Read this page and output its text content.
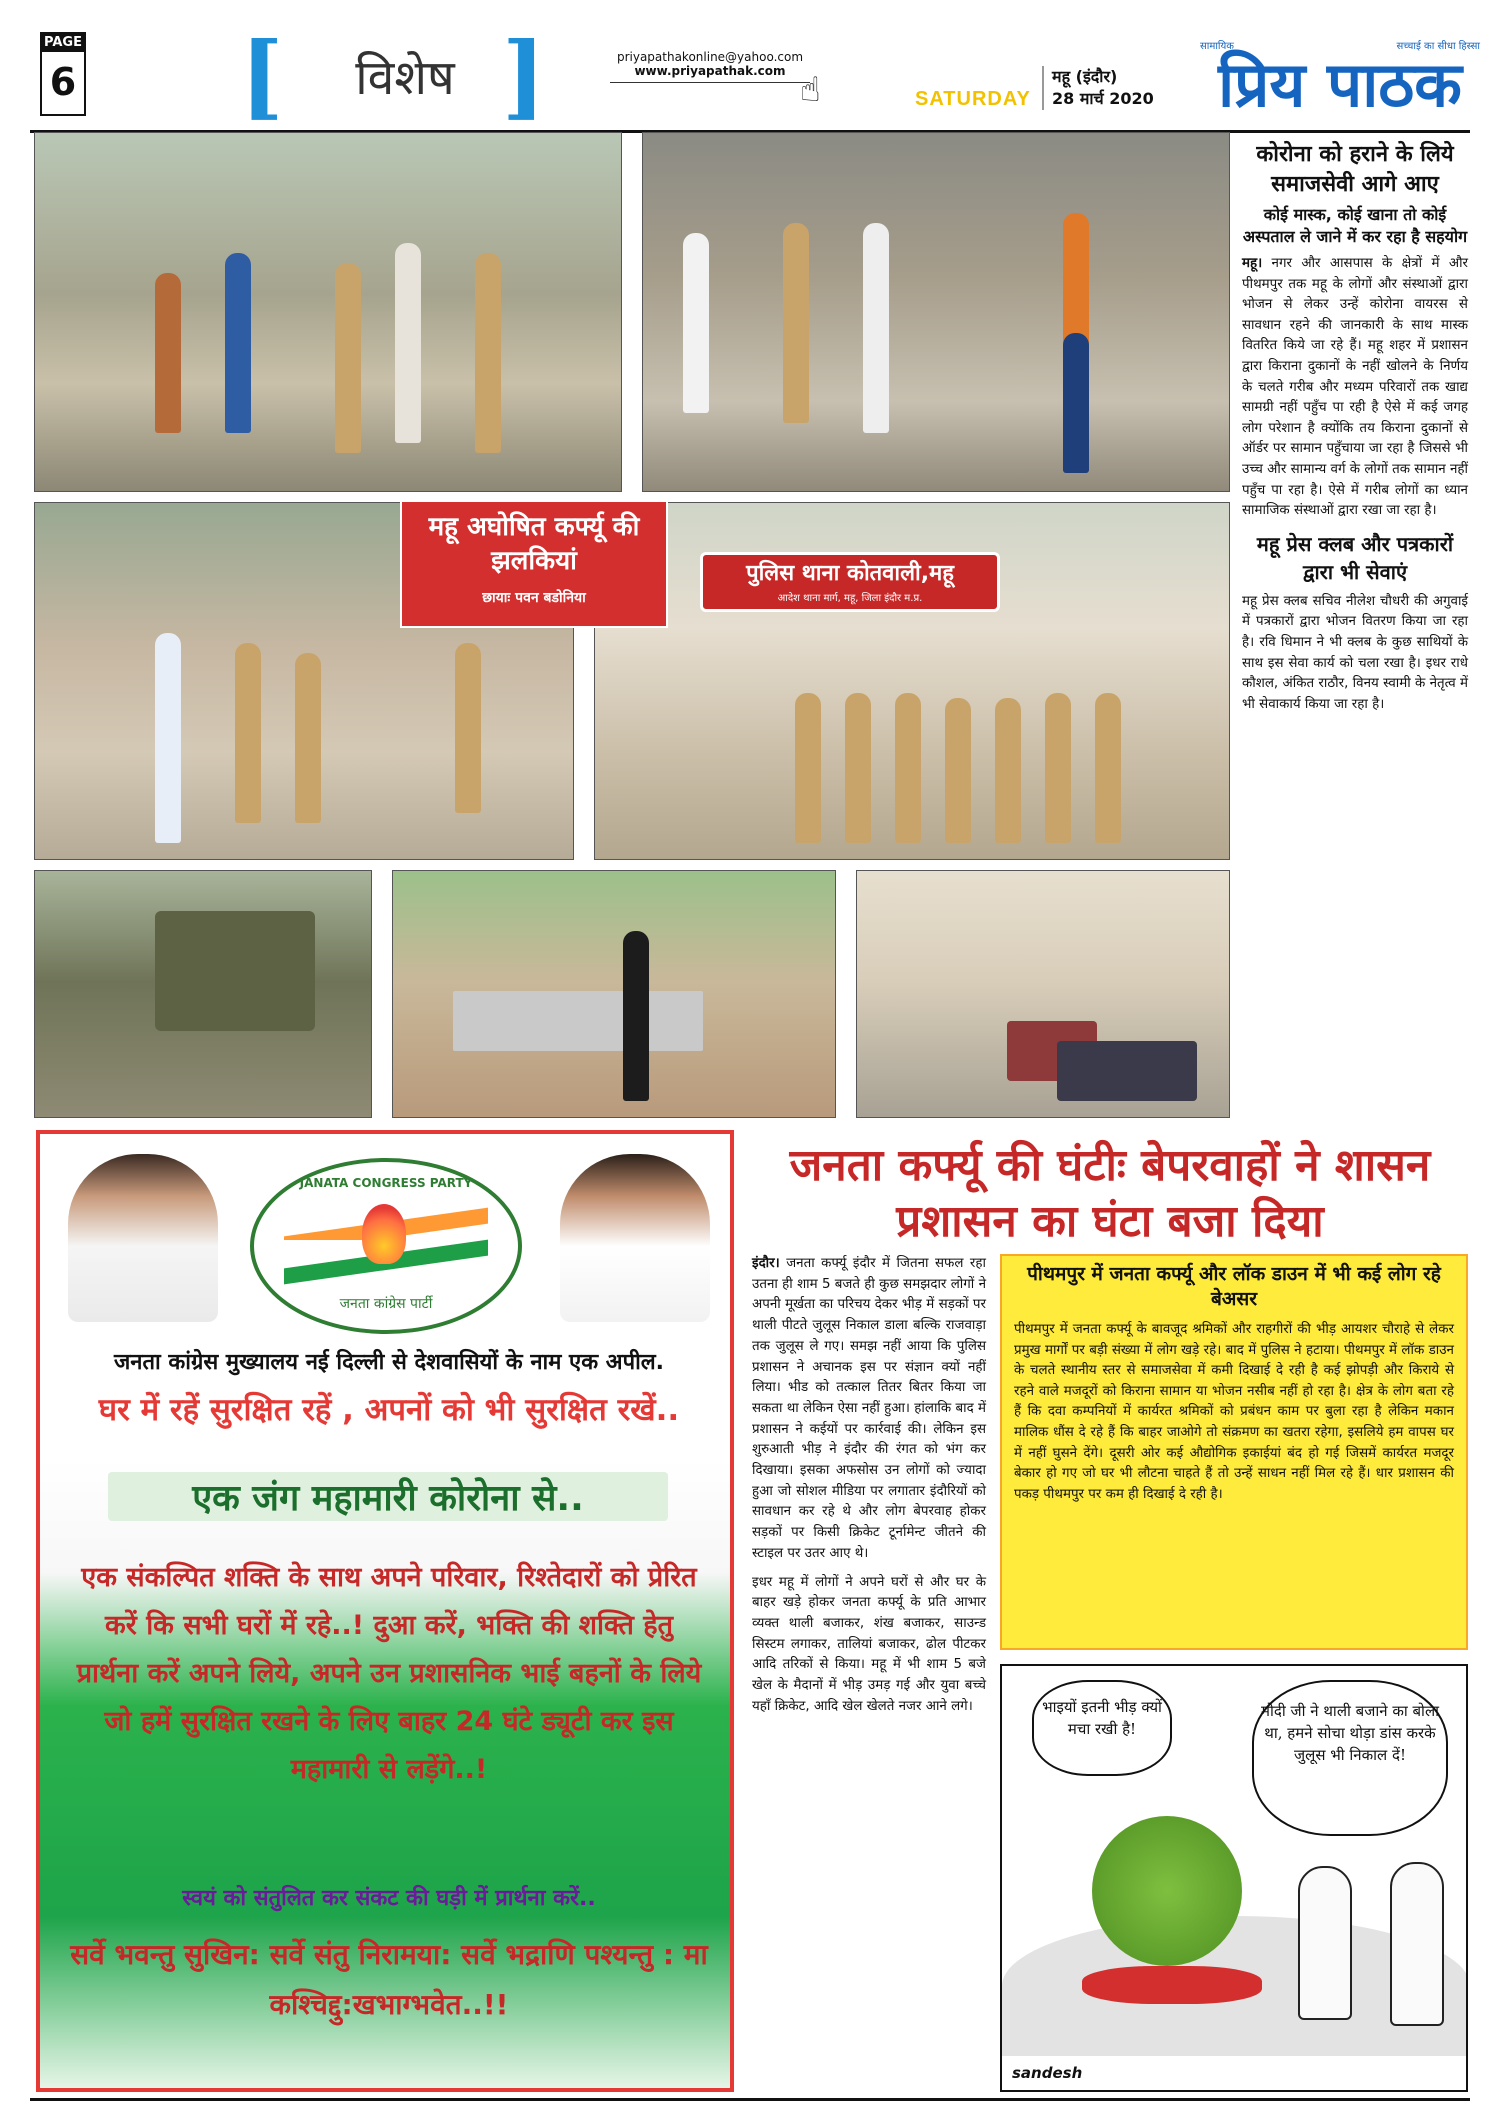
PAGE
6 [	विशेष ]	priyapathakonline@yahoo.com
www.priyapathak.com ☝	SATURDAY
महू (इंदौर)
28 मार्च 2020
सामायिक	सच्चाई का सीधा हिस्सा
प्रिय पाठक
पुलिस थाना कोतवाली,महू
आदेश थाना मार्ग, महू, जिला इंदौर म.प्र.
महू अघोषित कर्फ्यू की झलकियां
छायाः पवन बडोनिया
कोरोना को हराने के लिये समाजसेवी आगे आए
कोई मास्क, कोई खाना तो कोई अस्पताल ले जाने में कर रहा है सहयोग

महू। नगर और आसपास के क्षेत्रों में और पीथमपुर तक महू के लोगों और संस्थाओं द्वारा भोजन से लेकर उन्हें कोरोना वायरस से सावधान रहने की जानकारी के साथ मास्क वितरित किये जा रहे हैं। महू शहर में प्रशासन द्वारा किराना दुकानों के नहीं खोलने के निर्णय के चलते गरीब और मध्यम परिवारों तक खाद्य सामग्री नहीं पहुँच पा रही है ऐसे में कई जगह लोग परेशान है क्योंकि तय किराना दुकानों से ऑर्डर पर सामान पहुँचाया जा रहा है जिससे भी उच्च और सामान्य वर्ग के लोगों तक सामान नहीं पहुँच पा रहा है। ऐसे में गरीब लोगों का ध्यान सामाजिक संस्थाओं द्वारा रखा जा रहा है।

महू प्रेस क्लब और पत्रकारों द्वारा भी सेवाएं

महू प्रेस क्लब सचिव नीलेश चौधरी की अगुवाई में पत्रकारों द्वारा भोजन वितरण किया जा रहा है। रवि धिमान ने भी क्लब के कुछ साथियों के साथ इस सेवा कार्य को चला रखा है। इधर राधे कौशल, अंकित राठौर, विनय स्वामी के नेतृत्व में भी सेवाकार्य किया जा रहा है।

JANATA CONGRESS PARTY
जनता कांग्रेस पार्टी
जनता कांग्रेस मुख्यालय नई दिल्ली से देशवासियों के नाम एक अपील.
घर में रहें सुरक्षित रहें , अपनों को भी सुरक्षित रखें..
एक जंग महामारी कोरोना से..
एक संकल्पित शक्ति के साथ अपने परिवार, रिश्तेदारों को प्रेरित करें कि सभी घरों में रहे..! दुआ करें, भक्ति की शक्ति हेतु प्रार्थना करें अपने लिये, अपने उन प्रशासनिक भाई बहनों के लिये जो हमें सुरक्षित रखने के लिए बाहर 24 घंटे ड्यूटी कर इस महामारी से लड़ेंगे..!
स्वयं को संतुलित कर संकट की घड़ी में प्रार्थना करें..
सर्वे भवन्तु सुखिन: सर्वे संतु निरामया: सर्वे भद्राणि पश्यन्तु : मा कश्चिद्दु:खभाग्भवेत..!!
जनता कर्फ्यू की घंटीः बेपरवाहों ने शासन प्रशासन का घंटा बजा दिया

इंदौर। जनता कर्फ्यू इंदौर में जितना सफल रहा उतना ही शाम 5 बजते ही कुछ समझदार लोगों ने अपनी मूर्खता का परिचय देकर भीड़ में सड़कों पर थाली पीटते जुलूस निकाल डाला बल्कि राजवाड़ा तक जुलूस ले गए। समझ नहीं आया कि पुलिस प्रशासन ने अचानक इस पर संज्ञान क्यों नहीं लिया। भीड को तत्काल तितर बितर किया जा सकता था लेकिन ऐसा नहीं हुआ। हांलाकि बाद में प्रशासन ने कईयों पर कार्रवाई की। लेकिन इस शुरुआती भीड़ ने इंदौर की रंगत को भंग कर दिखाया। इसका अफसोस उन लोगों को ज्यादा हुआ जो सोशल मीडिया पर लगातार इंदौरियों को सावधान कर रहे थे और लोग बेपरवाह होकर सड़कों पर किसी क्रिकेट टूर्नामेन्ट जीतने की स्टाइल पर उतर आए थे।

इधर महू में लोगों ने अपने घरों से और घर के बाहर खड़े होकर जनता कर्फ्यू के प्रति आभार व्यक्त थाली बजाकर, शंख बजाकर, साउन्ड सिस्टम लगाकर, तालियां बजाकर, ढोल पीटकर आदि तरिकों से किया। महू में भी शाम 5 बजे खेल के मैदानों में भीड़ उमड़ गई और युवा बच्चे यहाँ क्रिकेट, आदि खेल खेलते नजर आने लगे।

पीथमपुर में जनता कर्फ्यू और लॉक डाउन में भी कई लोग रहे बेअसर

पीथमपुर में जनता कर्फ्यू के बावजूद श्रमिकों और राहगीरों की भीड़ आयशर चौराहे से लेकर प्रमुख मार्गों पर बड़ी संख्या में लोग खड़े रहे। बाद में पुलिस ने हटाया। पीथमपुर में लॉक डाउन के चलते स्थानीय स्तर से समाजसेवा में कमी दिखाई दे रही है कई झोपड़ी और किराये से रहने वाले मजदूरों को किराना सामान या भोजन नसीब नहीं हो रहा है। क्षेत्र के लोग बता रहे हैं कि दवा कम्पनियों में कार्यरत श्रमिकों को प्रबंधन काम पर बुला रहा है लेकिन मकान मालिक धौंस दे रहे हैं कि बाहर जाओगे तो संक्रमण का खतरा रहेगा, इसलिये हम वापस घर में नहीं घुसने देंगे। दूसरी ओर कई औद्योगिक इकाईयां बंद हो गई जिसमें कार्यरत मजदूर बेकार हो गए जो घर भी लौटना चाहते हैं तो उन्हें साधन नहीं मिल रहे हैं। धार प्रशासन की पकड़ पीथमपुर पर कम ही दिखाई दे रही है।

भाइयों इतनी भीड़ क्यों मचा रखी है!
मोदी जी ने थाली बजाने का बोला था, हमने सोचा थोड़ा डांस करके जुलूस भी निकाल दें!
sandesh
